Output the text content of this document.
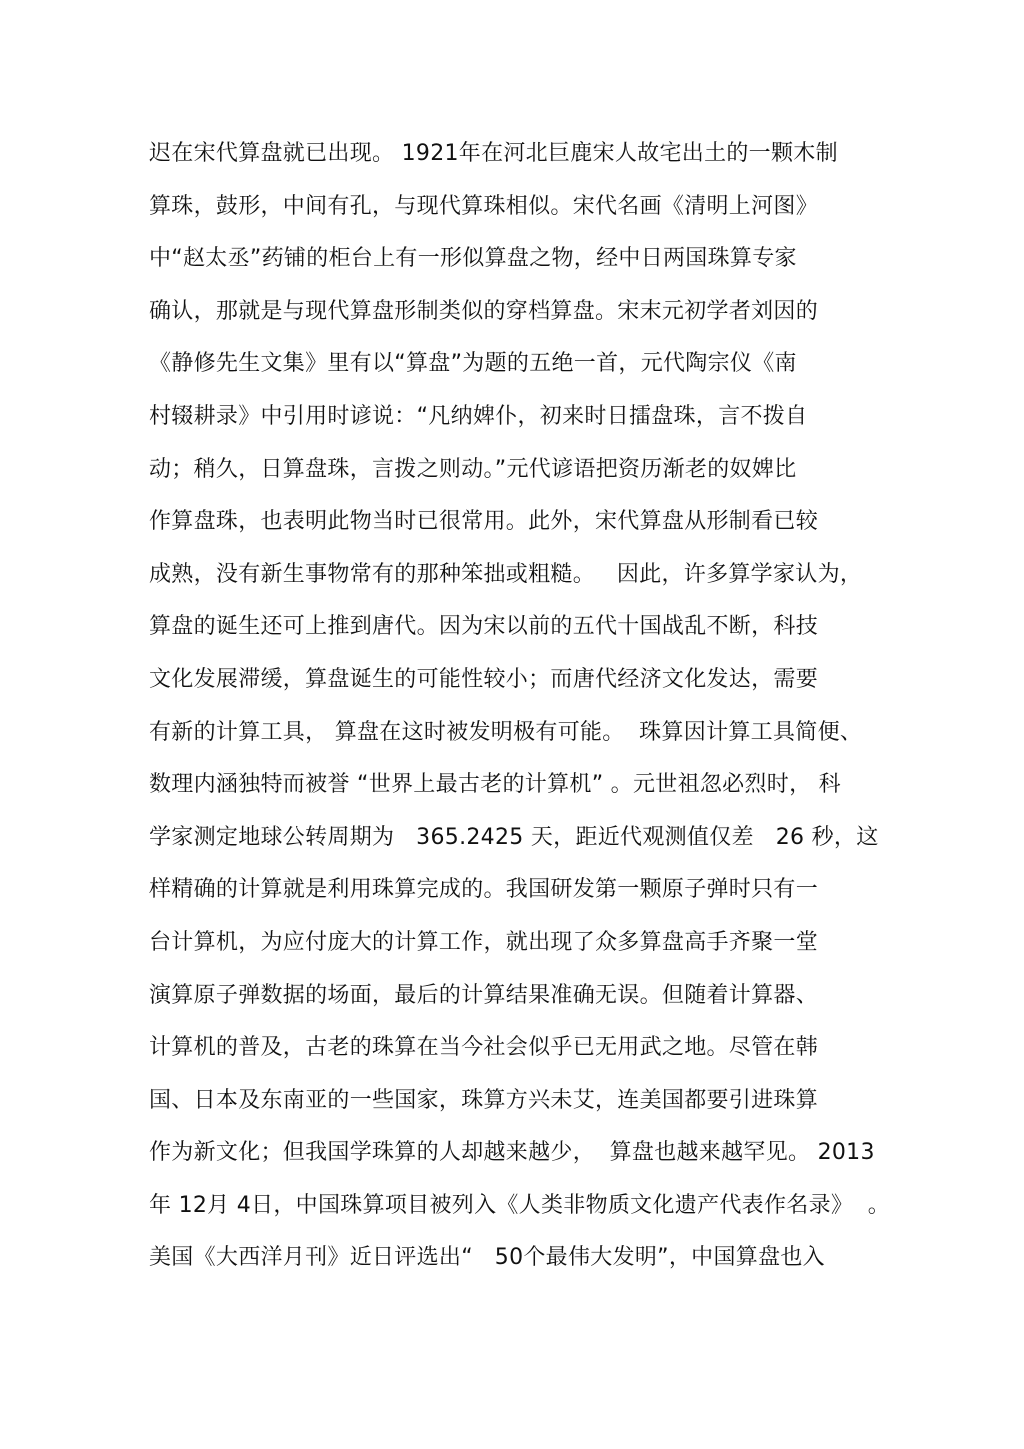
迟在宋代算盘就已出现。 1921年在河北巨鹿宋人故宅出土的一颗木制
算珠，鼓形，中间有孔，与现代算珠相似。宋代名画《清明上河图》
中“赵太丞”药铺的柜台上有一形似算盘之物，经中日两国珠算专家
确认，那就是与现代算盘形制类似的穿档算盘。宋末元初学者刘因的
《静修先生文集》里有以“算盘”为题的五绝一首，元代陶宗仪《南
村辍耕录》中引用时谚说：“凡纳婢仆，初来时日擂盘珠，言不拨自
动；稍久，日算盘珠，言拨之则动。”元代谚语把资历渐老的奴婢比
作算盘珠，也表明此物当时已很常用。此外，宋代算盘从形制看已较
成熟，没有新生事物常有的那种笨拙或粗糙。   因此，许多算学家认为，
算盘的诞生还可上推到唐代。因为宋以前的五代十国战乱不断，科技
文化发展滞缓，算盘诞生的可能性较小；而唐代经济文化发达，需要
有新的计算工具， 算盘在这时被发明极有可能。  珠算因计算工具简便、
数理内涵独特而被誉 “世界上最古老的计算机” 。元世祖忽必烈时， 科
学家测定地球公转周期为   365.2425 天，距近代观测值仅差   26 秒，这
样精确的计算就是利用珠算完成的。我国研发第一颗原子弹时只有一
台计算机，为应付庞大的计算工作，就出现了众多算盘高手齐聚一堂
演算原子弹数据的场面，最后的计算结果准确无误。但随着计算器、
计算机的普及，古老的珠算在当今社会似乎已无用武之地。尽管在韩
国、日本及东南亚的一些国家，珠算方兴未艾，连美国都要引进珠算
作为新文化；但我国学珠算的人却越来越少，  算盘也越来越罕见。 2013
年 12月 4日，中国珠算项目被列入《人类非物质文化遗产代表作名录》  。
美国《大西洋月刊》近日评选出“   50个最伟大发明”，中国算盘也入
